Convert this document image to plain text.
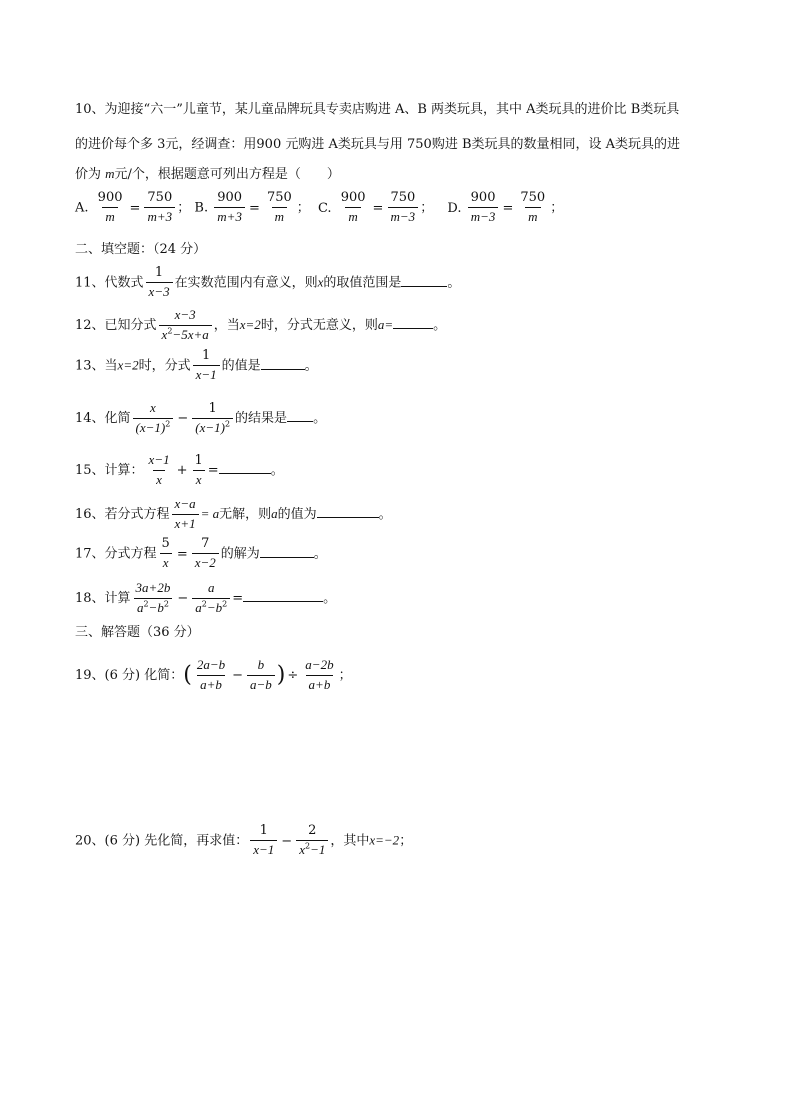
10、为迎接“六一”儿童节，某儿童品牌玩具专卖店购进 A、B 两类玩具，其中 A类玩具的进价比 B类玩具
的进价每个多 3元，经调查：用900 元购进 A类玩具与用 750购进 B类玩具的数量相同，设 A类玩具的进
价为 m元/个，根据题意可列出方程是（　　）
A. $\frac{900}{m} = \frac{750}{m+3}$ ； B. $\frac{900}{m+3} = \frac{750}{m}$ ； C. $\frac{900}{m} = \frac{750}{m-3}$ ； D. $\frac{900}{m-3} = \frac{750}{m}$ ；
二、填空题：（24 分）
11、代数式 $\frac{1}{x-3}$ 在实数范围内有意义，则x的取值范围是	。
12、已知分式 $\frac{x-3}{x^2-5x+a}$ ，当x=2时，分式无意义，则a=	。
13、当x=2时，分式 $\frac{1}{x-1}$ 的值是	。
14、化简 $\frac{x}{(x-1)^2} - \frac{1}{(x-1)^2}$ 的结果是 。
15、计算： $\frac{x-1}{x} + \frac{1}{x}$ =	。
16、若分式方程 $\frac{x-a}{x+1} = a$无解，则a的值为	。
17、分式方程 $\frac{5}{x} = \frac{7}{x-2}$ 的解为	。
18、计算 $\frac{3a+2b}{a^2-b^2} - \frac{a}{a^2-b^2}$ =	。
三、解答题（36 分）
19、(6 分) 化简：( $\frac{2a-b}{a+b} - \frac{b}{a-b}$ ) ÷ $\frac{a-2b}{a+b}$ ；
20、(6 分) 先化简，再求值： $\frac{1}{x-1} - \frac{2}{x^2-1}$ ，其中x=−2；
